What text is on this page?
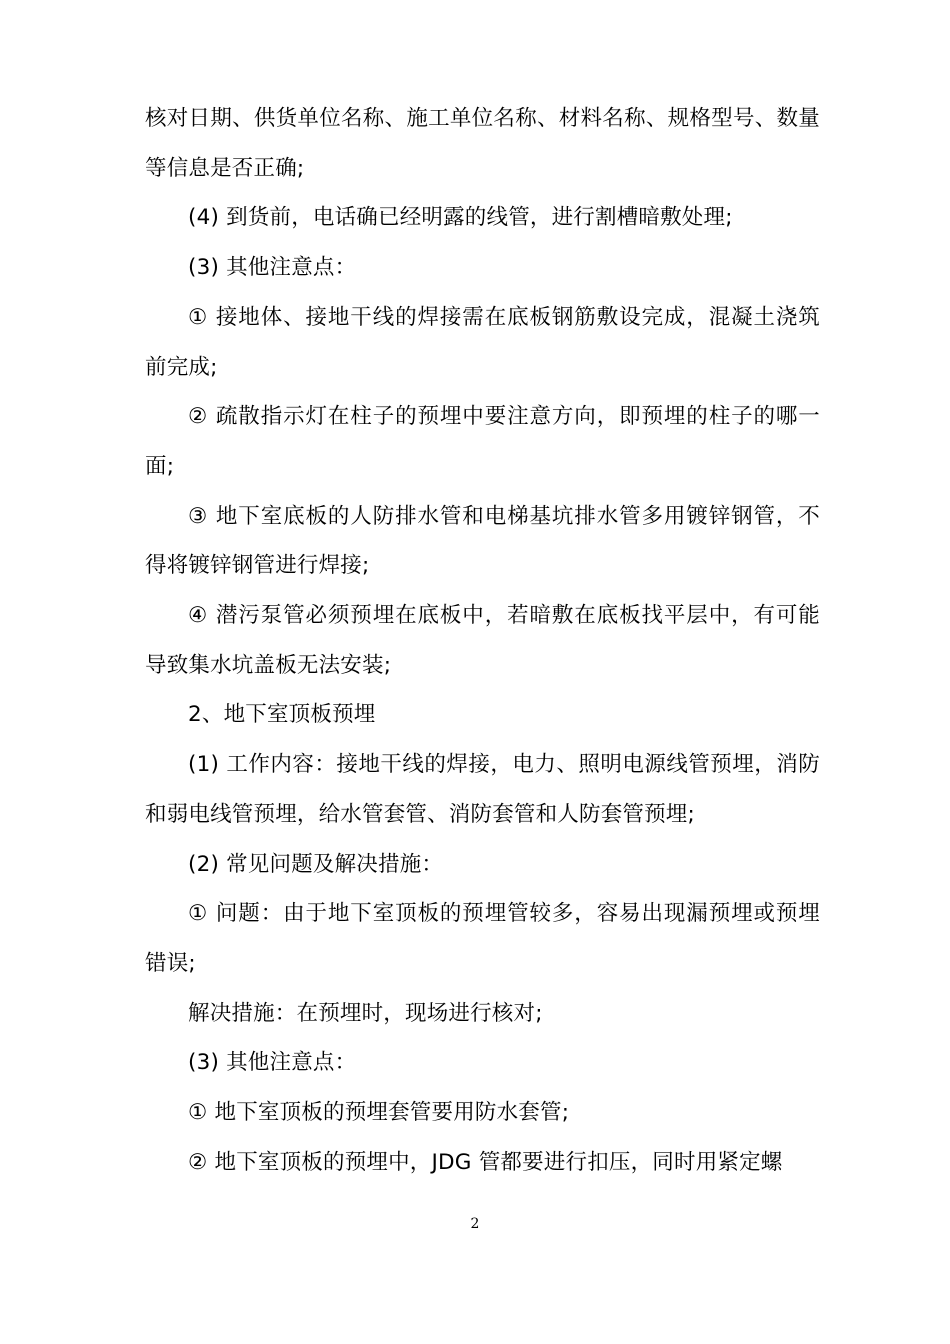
核对日期、供货单位名称、施工单位名称、材料名称、规格型号、数量等信息是否正确;

(4) 到货前，电话确已经明露的线管，进行割槽暗敷处理;

(3) 其他注意点：

① 接地体、接地干线的焊接需在底板钢筋敷设完成，混凝土浇筑前完成;

② 疏散指示灯在柱子的预埋中要注意方向，即预埋的柱子的哪一面;

③ 地下室底板的人防排水管和电梯基坑排水管多用镀锌钢管，不得将镀锌钢管进行焊接;

④ 潜污泵管必须预埋在底板中，若暗敷在底板找平层中，有可能导致集水坑盖板无法安装;

2、地下室顶板预埋

(1) 工作内容：接地干线的焊接，电力、照明电源线管预埋，消防和弱电线管预埋，给水管套管、消防套管和人防套管预埋;

(2) 常见问题及解决措施：

① 问题：由于地下室顶板的预埋管较多，容易出现漏预埋或预埋错误;

解决措施：在预埋时，现场进行核对;

(3) 其他注意点：

① 地下室顶板的预埋套管要用防水套管;

② 地下室顶板的预埋中，JDG 管都要进行扣压，同时用紧定螺

2
